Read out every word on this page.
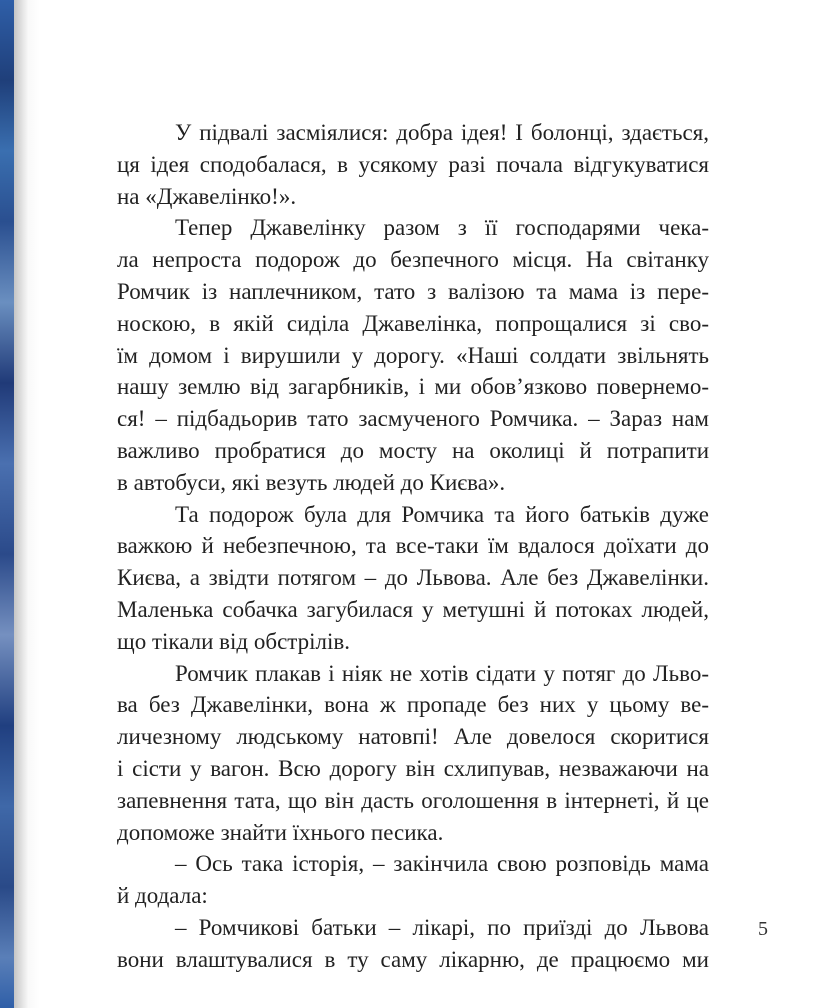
У підвалі засміялися: добра ідея! І болонці, здається,
ця ідея сподобалася, в усякому разі почала відгукуватися
на «Джавелінко!».
Тепер Джавелінку разом з її господарями чека-
ла непроста подорож до безпечного місця. На світанку
Ромчик із наплечником, тато з валізою та мама із пере-
носкою, в якій сиділа Джавелінка, попрощалися зі сво-
їм домом і вирушили у дорогу. «Наші солдати звільнять
нашу землю від загарбників, і ми обов’язково повернемо-
ся! – підбадьорив тато засмученого Ромчика. – Зараз нам
важливо пробратися до мосту на околиці й потрапити
в автобуси, які везуть людей до Києва».
Та подорож була для Ромчика та його батьків дуже
важкою й небезпечною, та все-таки їм вдалося доїхати до
Києва, а звідти потягом – до Львова. Але без Джавелінки.
Маленька собачка загубилася у метушні й потоках людей,
що тікали від обстрілів.
Ромчик плакав і ніяк не хотів сідати у потяг до Льво-
ва без Джавелінки, вона ж пропаде без них у цьому ве-
личезному людському натовпі! Але довелося скоритися
і сісти у вагон. Всю дорогу він схлипував, незважаючи на
запевнення тата, що він дасть оголошення в інтернеті, й це
допоможе знайти їхнього песика.
– Ось така історія, – закінчила свою розповідь мама
й додала:
– Ромчикові батьки – лікарі, по приїзді до Львова
вони влаштувалися в ту саму лікарню, де працюємо ми
5
